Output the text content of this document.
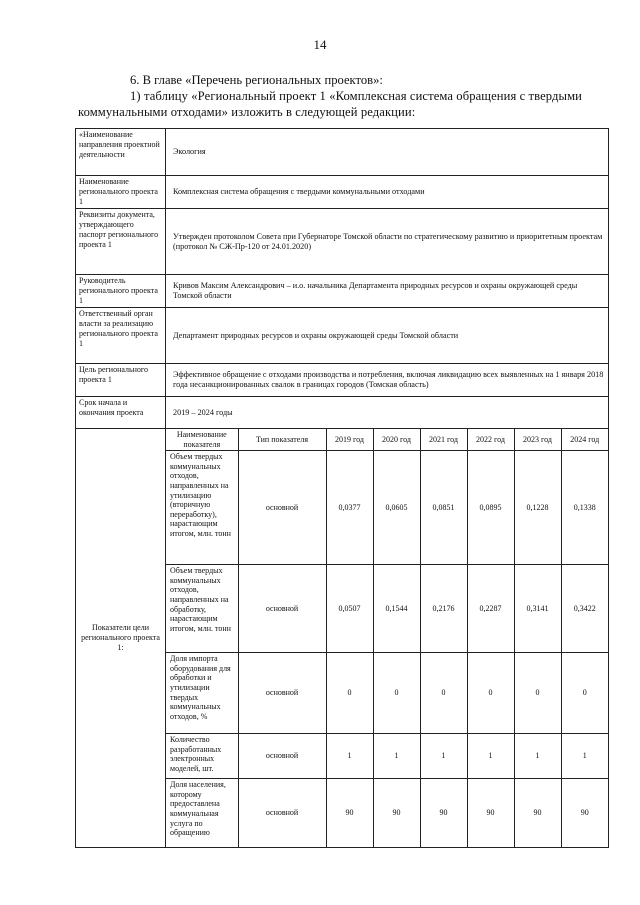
14

6. В главе «Перечень региональных проектов»:

1) таблицу «Региональный проект 1 «Комплексная система обращения с твердыми коммунальными отходами» изложить в следующей редакции:

«Наименование направления проектной деятельности	Экология
Наименование регионального проекта 1	Комплексная система обращения с твердыми коммунальными отходами
Реквизиты документа, утверждающего паспорт регионального проекта 1	Утвержден протоколом Совета при Губернаторе Томской области по стратегическому развитию и приоритетным проектам (протокол № СЖ-Пр-120 от 24.01.2020)
Руководитель регионального проекта 1	Кривов Максим Александрович – и.о. начальника Департамента природных ресурсов и охраны окружающей среды Томской области
Ответственный орган власти за реализацию регионального проекта 1	Департамент природных ресурсов и охраны окружающей среды Томской области
Цель регионального проекта 1	Эффективное обращение с отходами производства и потребления, включая ликвидацию всех выявленных на 1 января 2018 года несанкционированных свалок в границах городов (Томская область)
Срок начала и окончания проекта	2019 – 2024 годы
Показатели цели регионального проекта 1:	
Наименование показателя	Тип показателя	2019 год	2020 год	2021 год	2022 год	2023 год	2024 год
Объем твердых коммунальных отходов, направленных на утилизацию (вторичную переработку), нарастающим итогом, млн. тонн	основной	0,0377	0,0605	0,0851	0,0895	0,1228	0,1338
Объем твердых коммунальных отходов, направленных на обработку, нарастающим итогом, млн. тонн	основной	0,0507	0,1544	0,2176	0,2287	0,3141	0,3422
Доля импорта оборудования для обработки и утилизации твердых коммунальных отходов, %	основной	0	0	0	0	0	0
Количество разработанных электронных моделей, шт.	основной	1	1	1	1	1	1
Доля населения, которому предоставлена коммунальная услуга по обращению	основной	90	90	90	90	90	90
